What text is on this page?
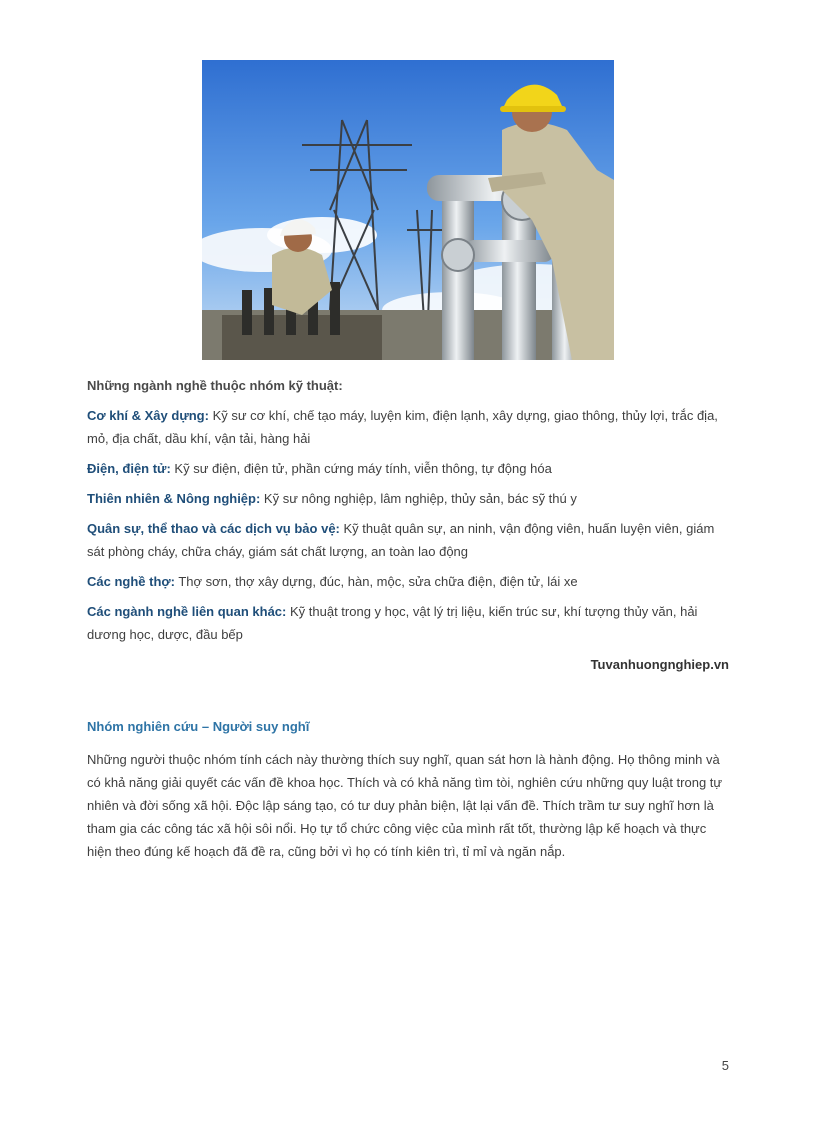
Những ngành nghề thuộc nhóm kỹ thuật:

Cơ khí & Xây dựng: Kỹ sư cơ khí, chế tạo máy, luyện kim, điện lạnh, xây dựng, giao thông, thủy lợi, trắc địa, mỏ, địa chất, dầu khí, vận tải, hàng hải

Điện, điện tử: Kỹ sư điện, điện tử, phần cứng máy tính, viễn thông, tự động hóa

Thiên nhiên & Nông nghiệp: Kỹ sư nông nghiệp, lâm nghiệp, thủy sản, bác sỹ thú y

Quân sự, thể thao và các dịch vụ bảo vệ: Kỹ thuật quân sự, an ninh, vận động viên, huấn luyện viên, giám sát phòng cháy, chữa cháy, giám sát chất lượng, an toàn lao động

Các nghề thợ: Thợ sơn, thợ xây dựng, đúc, hàn, mộc, sửa chữa điện, điện tử, lái xe

Các ngành nghề liên quan khác: Kỹ thuật trong y học, vật lý trị liệu, kiến trúc sư, khí tượng thủy văn, hải dương học, dược, đầu bếp

Tuvanhuongnghiep.vn

Nhóm nghiên cứu – Người suy nghĩ

Những người thuộc nhóm tính cách này thường thích suy nghĩ, quan sát hơn là hành động. Họ thông minh và có khả năng giải quyết các vấn đề khoa học. Thích và có khả năng tìm tòi, nghiên cứu những quy luật trong tự nhiên và đời sống xã hội. Độc lập sáng tạo, có tư duy phản biện, lật lại vấn đề. Thích trầm tư suy nghĩ hơn là tham gia các công tác xã hội sôi nổi. Họ tự tổ chức công việc của mình rất tốt, thường lập kế hoạch và thực hiện theo đúng kế hoạch đã đề ra, cũng bởi vì họ có tính kiên trì, tỉ mỉ và ngăn nắp.

5
